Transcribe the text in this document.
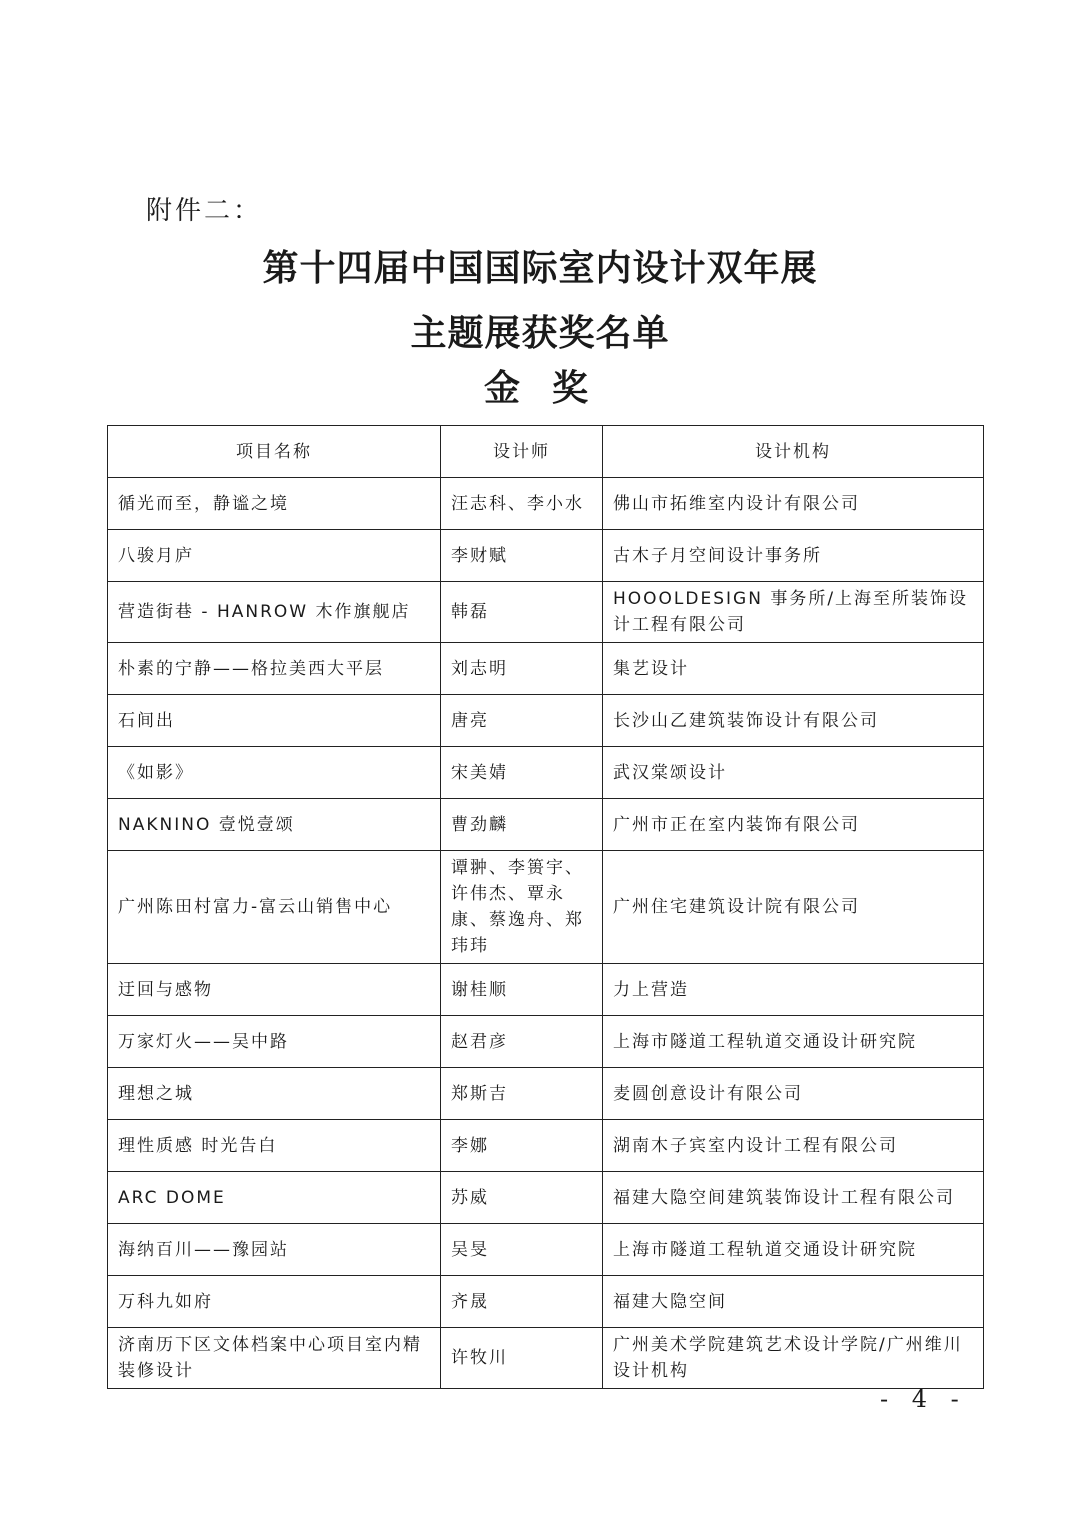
附件二：
第十四届中国国际室内设计双年展
主题展获奖名单
金奖
项目名称	设计师	设计机构
循光而至，静谧之境	汪志科、李小水	佛山市拓维室内设计有限公司
八骏月庐	李财赋	古木子月空间设计事务所
营造街巷 - HANROW 木作旗舰店	韩磊	HOOOLDESIGN 事务所/上海至所装饰设计工程有限公司
朴素的宁静——格拉美西大平层	刘志明	集艺设计
石间出	唐亮	长沙山乙建筑装饰设计有限公司
《如影》	宋美婧	武汉棠颂设计
NAKNINO 壹悦壹颂	曹劲麟	广州市正在室内装饰有限公司
广州陈田村富力-富云山销售中心	谭翀、李篑宇、许伟杰、覃永康、蔡逸舟、郑玮玮	广州住宅建筑设计院有限公司
迂回与感物	谢桂顺	力上营造
万家灯火——吴中路	赵君彦	上海市隧道工程轨道交通设计研究院
理想之城	郑斯吉	麦圆创意设计有限公司
理性质感 时光告白	李娜	湖南木子宾室内设计工程有限公司
ARC DOME	苏威	福建大隐空间建筑装饰设计工程有限公司
海纳百川——豫园站	吴旻	上海市隧道工程轨道交通设计研究院
万科九如府	齐晟	福建大隐空间
济南历下区文体档案中心项目室内精装修设计	许牧川	广州美术学院建筑艺术设计学院/广州维川设计机构
- 4 -
